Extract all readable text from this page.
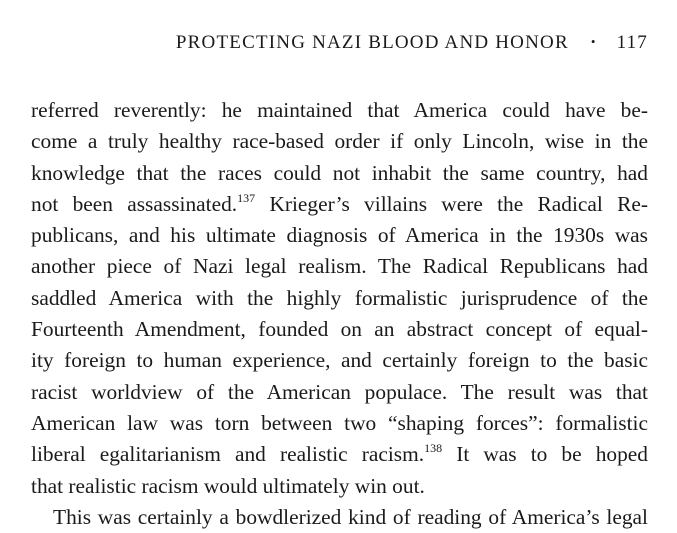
PROTECTING NAZI BLOOD AND HONOR • 117
referred reverently: he maintained that America could have be-
come a truly healthy race-based order if only Lincoln, wise in the
knowledge that the races could not inhabit the same country, had
not been assassinated.$^{137}$ Krieger’s villains were the Radical Re-
publicans, and his ultimate diagnosis of America in the 1930s was
another piece of Nazi legal realism. The Radical Republicans had
saddled America with the highly formalistic jurisprudence of the
Fourteenth Amendment, founded on an abstract concept of equal-
ity foreign to human experience, and certainly foreign to the basic
racist worldview of the American populace. The result was that
American law was torn between two “shaping forces”: formalistic
liberal egalitarianism and realistic racism.$^{138}$ It was to be hoped
that realistic racism would ultimately win out.
This was certainly a bowdlerized kind of reading of America’s legal
